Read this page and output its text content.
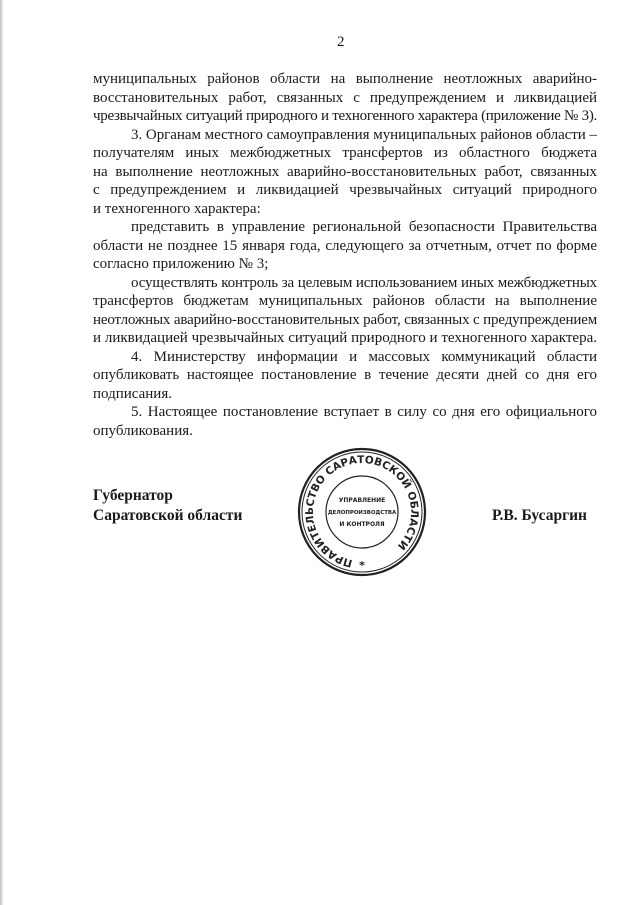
2
муниципальных районов области на выполнение неотложных аварийно-
восстановительных работ, связанных с предупреждением и ликвидацией
чрезвычайных ситуаций природного и техногенного характера (приложение № 3).
3. Органам местного самоуправления муниципальных районов области –
получателям иных межбюджетных трансфертов из областного бюджета
на выполнение неотложных аварийно-восстановительных работ, связанных
с предупреждением и ликвидацией чрезвычайных ситуаций природного
и техногенного характера:
представить в управление региональной безопасности Правительства
области не позднее 15 января года, следующего за отчетным, отчет по форме
согласно приложению № 3;
осуществлять контроль за целевым использованием иных межбюджетных
трансфертов бюджетам муниципальных районов области на выполнение
неотложных аварийно-восстановительных работ, связанных с предупреждением
и ликвидацией чрезвычайных ситуаций природного и техногенного характера.
4. Министерству информации и массовых коммуникаций области
опубликовать настоящее постановление в течение десяти дней со дня его
подписания.
5. Настоящее постановление вступает в силу со дня его официального
опубликования.
Губернатор
Саратовской области	Р.В. Бусаргин
ПРАВИТЕЛЬСТВО САРАТОВСКОЙ ОБЛАСТИ
УПРАВЛЕНИЕ
ДЕЛОПРОИЗВОДСТВА
И КОНТРОЛЯ
*
